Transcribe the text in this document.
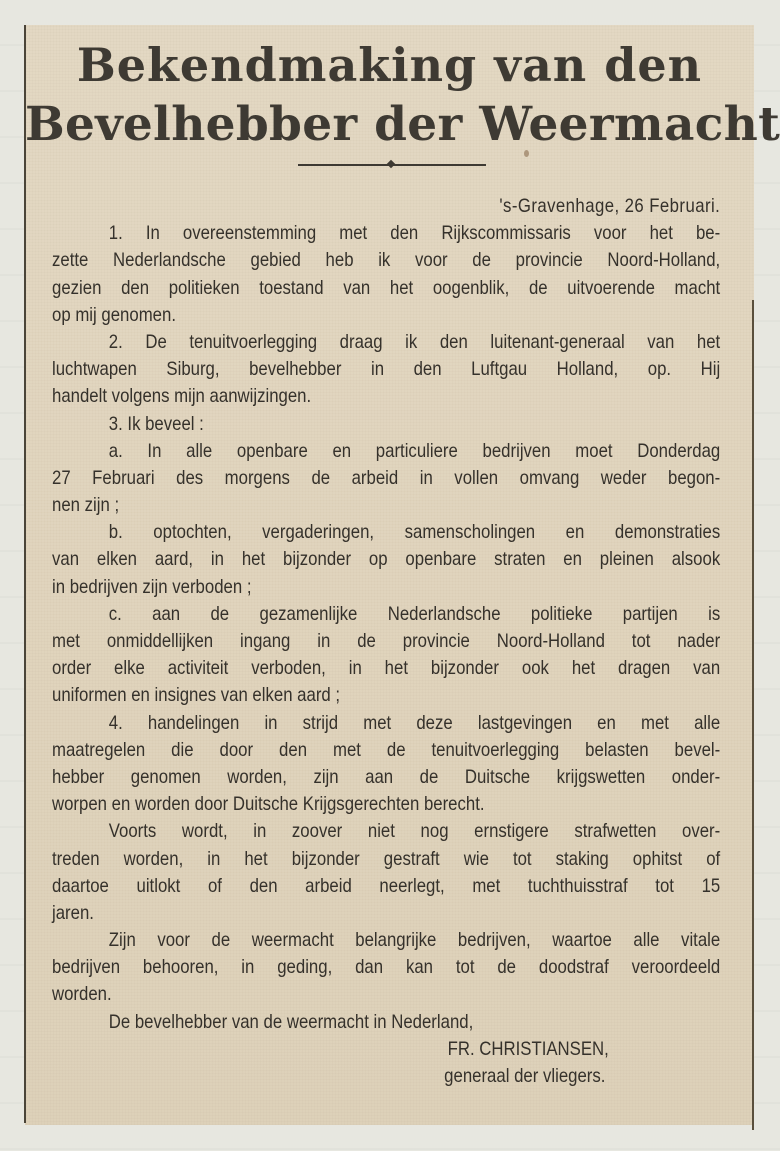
Bekendmaking van den
Bevelhebber der Weermacht
's-Gravenhage, 26 Februari.
1. In overeenstemming met den Rijkscommissaris voor het be-
zette Nederlandsche gebied heb ik voor de provincie Noord-Holland,
gezien den politieken toestand van het oogenblik, de uitvoerende macht
op mij genomen.
2. De tenuitvoerlegging draag ik den luitenant-generaal van het
luchtwapen Siburg, bevelhebber in den Luftgau Holland, op. Hij
handelt volgens mijn aanwijzingen.
3. Ik beveel :
a. In alle openbare en particuliere bedrijven moet Donderdag
27 Februari des morgens de arbeid in vollen omvang weder begon-
nen zijn ;
b. optochten, vergaderingen, samenscholingen en demonstraties
van elken aard, in het bijzonder op openbare straten en pleinen alsook
in bedrijven zijn verboden ;
c. aan de gezamenlijke Nederlandsche politieke partijen is
met onmiddellijken ingang in de provincie Noord-Holland tot nader
order elke activiteit verboden, in het bijzonder ook het dragen van
uniformen en insignes van elken aard ;
4. handelingen in strijd met deze lastgevingen en met alle
maatregelen die door den met de tenuitvoerlegging belasten bevel-
hebber genomen worden, zijn aan de Duitsche krijgswetten onder-
worpen en worden door Duitsche Krijgsgerechten berecht.
Voorts wordt, in zoover niet nog ernstigere strafwetten over-
treden worden, in het bijzonder gestraft wie tot staking ophitst of
daartoe uitlokt of den arbeid neerlegt, met tuchthuisstraf tot 15
jaren.
Zijn voor de weermacht belangrijke bedrijven, waartoe alle vitale
bedrijven behooren, in geding, dan kan tot de doodstraf veroordeeld
worden.
De bevelhebber van de weermacht in Nederland,
FR. CHRISTIANSEN,
generaal der vliegers.
